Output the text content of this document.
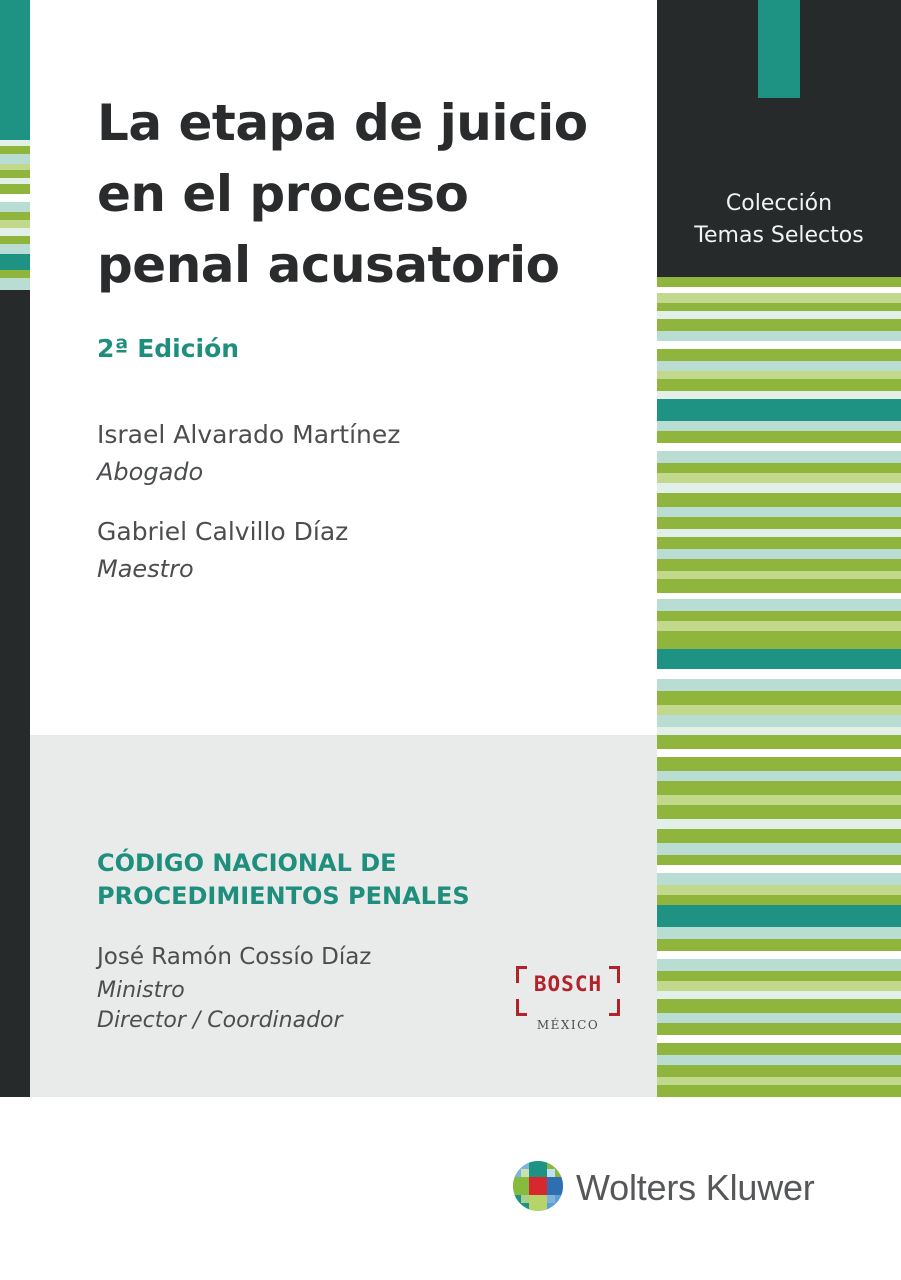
La etapa de juicio
en el proceso
penal acusatorio
2ª Edición
Israel Alvarado Martínez
Abogado
Gabriel Calvillo Díaz
Maestro
CÓDIGO NACIONAL DE
PROCEDIMIENTOS PENALES
José Ramón Cossío Díaz
Ministro
Director / Coordinador
BOSCH
MÉXICO
Colección
Temas Selectos
Wolters Kluwer
